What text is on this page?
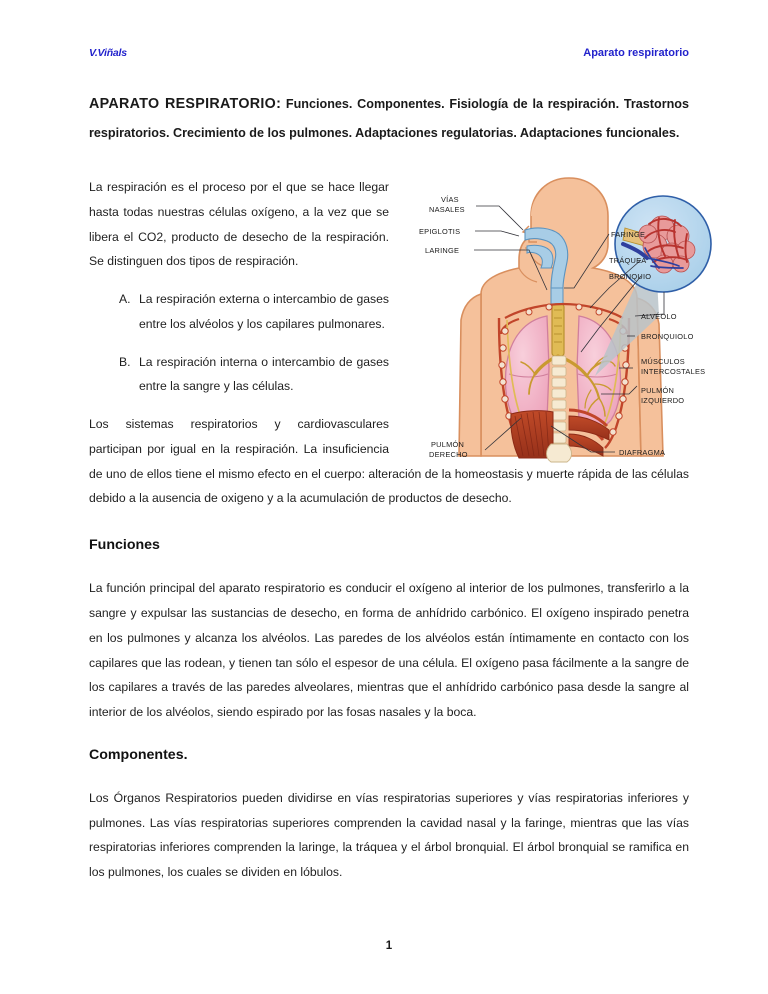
V.Viñals	Aparato respiratorio
APARATO RESPIRATORIO: Funciones. Componentes. Fisiología de la respiración. Trastornos respiratorios. Crecimiento de los pulmones. Adaptaciones regulatorias. Adaptaciones funcionales.

La respiración es el proceso por el que se hace llegar hasta todas nuestras células oxígeno, a la vez que se libera el CO2, producto de desecho de la respiración. Se distinguen dos tipos de respiración.

La respiración externa o intercambio de gases entre los alvéolos y los capilares pulmonares.
La respiración interna o intercambio de gases entre la sangre y las células.

Los sistemas respiratorios y cardiovasculares participan por igual en la respiración. La insuficiencia de uno de ellos tiene el mismo efecto en el cuerpo: alteración de la homeostasis y muerte rápida de las células debido a la ausencia de oxigeno y a la acumulación de productos de desecho.

Funciones

La función principal del aparato respiratorio es conducir el oxígeno al interior de los pulmones, transferirlo a la sangre y expulsar las sustancias de desecho, en forma de anhídrido carbónico. El oxígeno inspirado penetra en los pulmones y alcanza los alvéolos. Las paredes de los alvéolos están íntimamente en contacto con los capilares que las rodean, y tienen tan sólo el espesor de una célula. El oxígeno pasa fácilmente a la sangre de los capilares a través de las paredes alveolares, mientras que el anhídrido carbónico pasa desde la sangre al interior de los alvéolos, siendo espirado por las fosas nasales y la boca.

Componentes.

Los Órganos Respiratorios pueden dividirse en vías respiratorias superiores y vías respiratorias inferiores y pulmones. Las vías respiratorias superiores comprenden la cavidad nasal y la faringe, mientras que las vías respiratorias inferiores comprenden la laringe, la tráquea y el árbol bronquial. El árbol bronquial se ramifica en los pulmones, los cuales se dividen en lóbulos.

VÍAS
NASALES
EPIGLOTIS
LARINGE
FARINGE
TRÁQUEA
BRONQUIO
ALVÉOLO
BRONQUIOLO
MÚSCULOS
INTERCOSTALES
PULMÓN
IZQUIERDO
PULMÓN
DERECHO	DIAFRAGMA
1
